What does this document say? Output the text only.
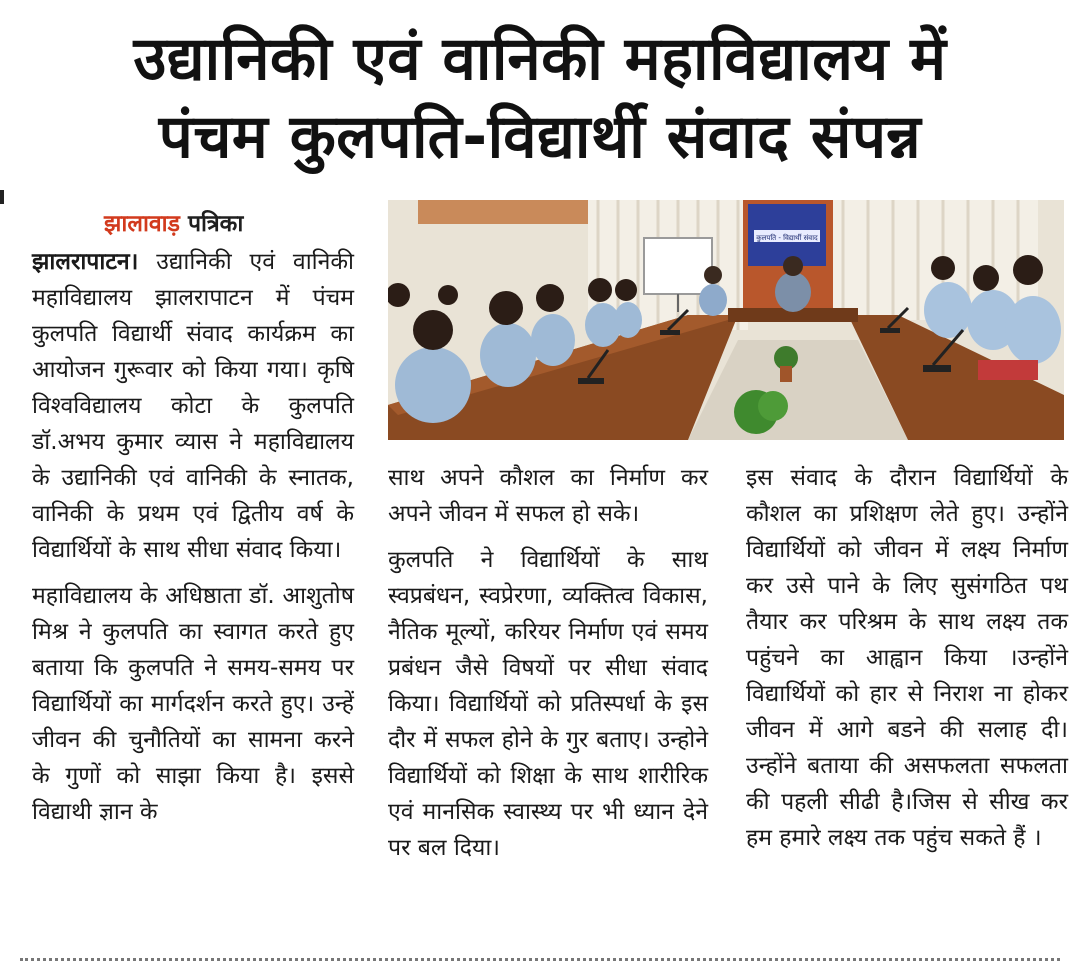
उद्यानिकी एवं वानिकी महाविद्यालय में
पंचम कुलपति-विद्यार्थी संवाद संपन्न
झालावाड़ पत्रिका

झालरापाटन। उद्यानिकी एवं वानिकी महाविद्यालय झालरापाटन में पंचम कुलपति विद्यार्थी संवाद कार्यक्रम का आयोजन गुरूवार को किया गया। कृषि विश्वविद्यालय कोटा के कुलपति डॉ.अभय कुमार व्यास ने महाविद्यालय के उद्यानिकी एवं वानिकी के स्नातक, वानिकी के प्रथम एवं द्वितीय वर्ष के विद्यार्थियों के साथ सीधा संवाद किया।

महाविद्यालय के अधिष्ठाता डॉ. आशुतोष मिश्र ने कुलपति का स्वागत करते हुए बताया कि कुलपति ने समय-समय पर विद्यार्थियों का मार्गदर्शन करते हुए। उन्हें जीवन की चुनौतियों का सामना करने के गुणों को साझा किया है। इससे विद्याथी ज्ञान के

कुलपति - विद्यार्थी संवाद

साथ अपने कौशल का निर्माण कर अपने जीवन में सफल हो सके।

कुलपति ने विद्यार्थियों के साथ स्वप्रबंधन, स्वप्रेरणा, व्यक्तित्व विकास, नैतिक मूल्यों, करियर निर्माण एवं समय प्रबंधन जैसे विषयों पर सीधा संवाद किया। विद्यार्थियों को प्रतिस्पर्धा के इस दौर में सफल होने के गुर बताए। उन्होने विद्यार्थियों को शिक्षा के साथ शारीरिक एवं मानसिक स्वास्थ्य पर भी ध्यान देने पर बल दिया।

इस संवाद के दौरान विद्यार्थियों के कौशल का प्रशिक्षण लेते हुए। उन्होंने विद्यार्थियों को जीवन में लक्ष्य निर्माण कर उसे पाने के लिए सुसंगठित पथ तैयार कर परिश्रम के साथ लक्ष्य तक पहुंचने का आह्वान किया ।उन्होंने विद्यार्थियों को हार से निराश ना होकर जीवन में आगे बडने की सलाह दी। उन्होंने बताया की असफलता सफलता की पहली सीढी है।जिस से सीख कर हम हमारे लक्ष्य तक पहुंच सकते हैं ।
